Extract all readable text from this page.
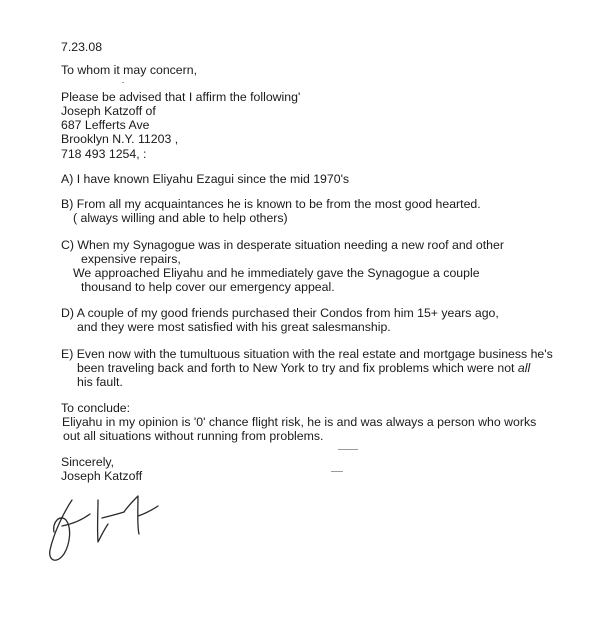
7.23.08
To whom it may concern,
Please be advised that I affirm the following'
Joseph Katzoff of
687 Lefferts Ave
Brooklyn N.Y. 11203 ,
718 493 1254, :
A) I have known Eliyahu Ezagui since the mid 1970's
B) From all my acquaintances he is known to be from the most good hearted.
( always willing and able to help others)
C) When my Synagogue was in desperate situation needing a new roof and other
expensive repairs,
We approached Eliyahu and he immediately gave the Synagogue a couple
thousand to help cover our emergency appeal.
D) A couple of my good friends purchased their Condos from him 15+ years ago,
and they were most satisfied with his great salesmanship.
E) Even now with the tumultuous situation with the real estate and mortgage business he's
been traveling back and forth to New York to try and fix problems which were not all
his fault.
To conclude:
Eliyahu in my opinion is '0' chance flight risk, he is and was always a person who works
out all situations without running from problems.
Sincerely,
Joseph Katzoff
